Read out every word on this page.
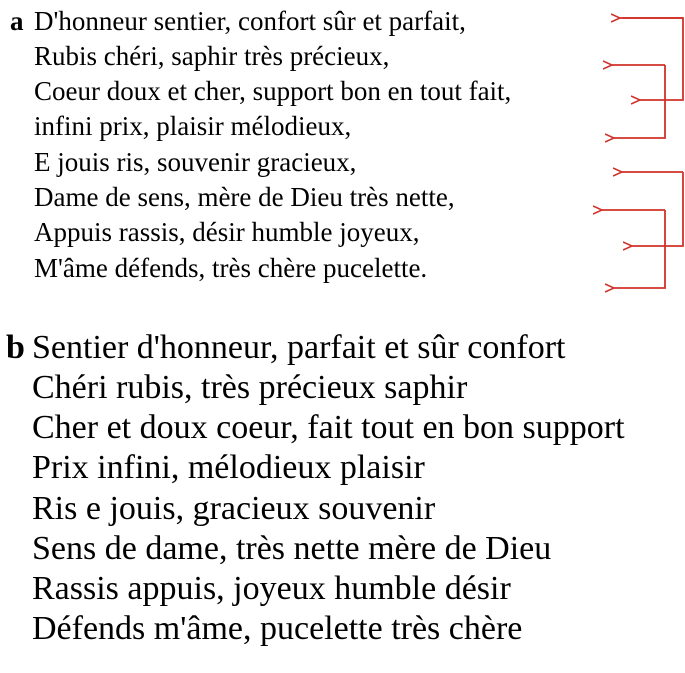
a D'honneur sentier, confort sûr et parfait,
Rubis chéri, saphir très précieux,
Coeur doux et cher, support bon en tout fait,
infini prix, plaisir mélodieux,
E jouis ris, souvenir gracieux,
Dame de sens, mère de Dieu très nette,
Appuis rassis, désir humble joyeux,
M'âme défends, très chère pucelette.
b Sentier d'honneur, parfait et sûr confort
Chéri rubis, très précieux saphir
Cher et doux coeur, fait tout en bon support
Prix infini, mélodieux plaisir
Ris e jouis, gracieux souvenir
Sens de dame, très nette mère de Dieu
Rassis appuis, joyeux humble désir
Défends m'âme, pucelette très chère
